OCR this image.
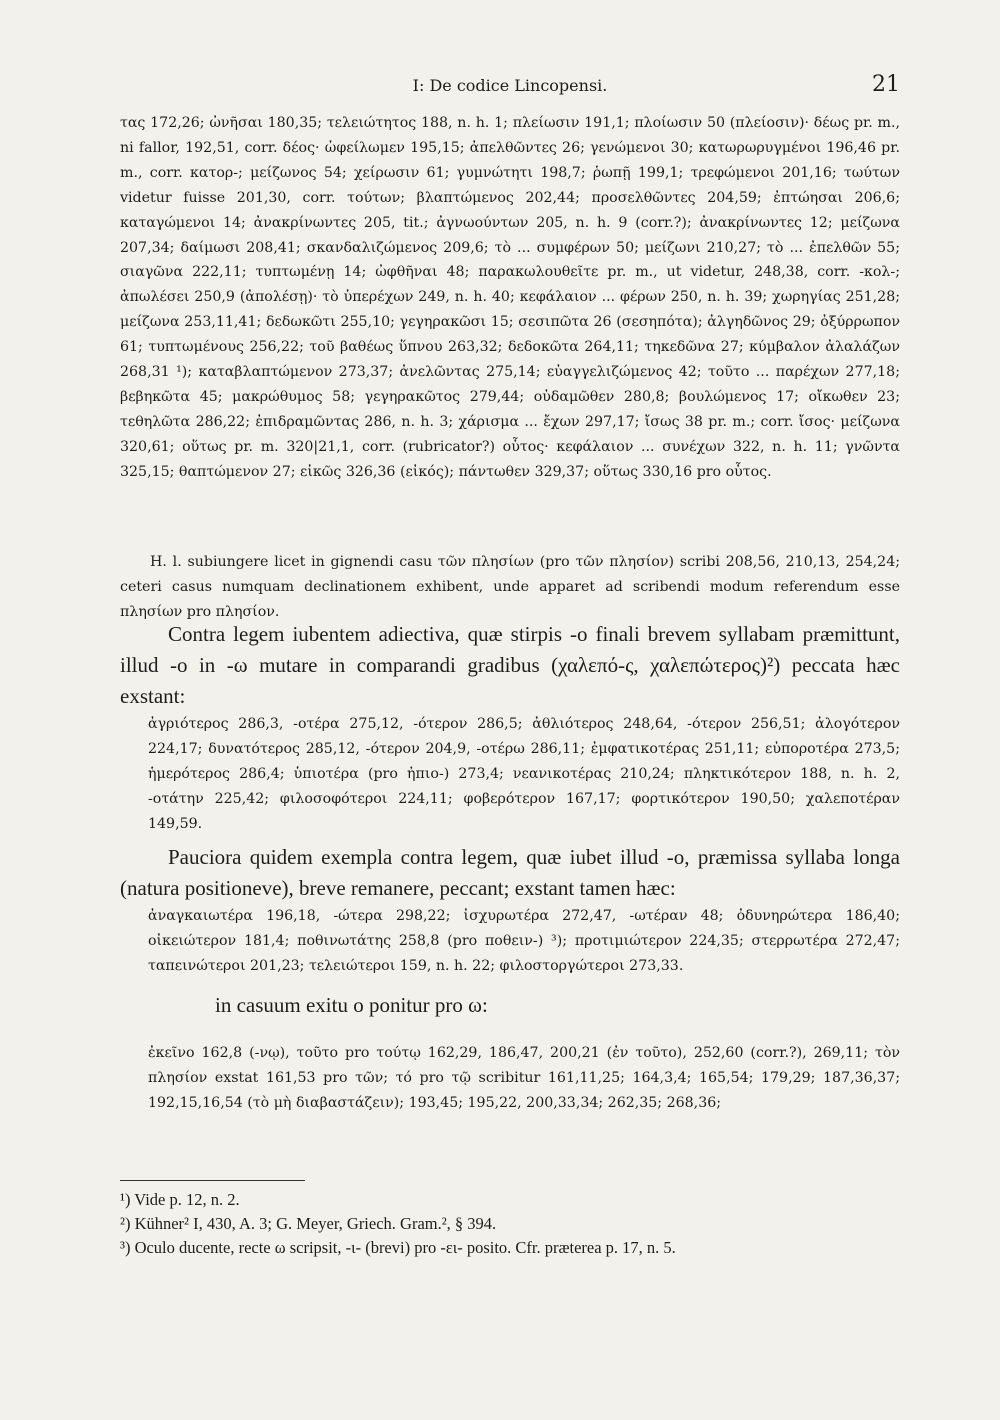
I: De codice Lincopensi.	21

τας 172,26; ὠνῆσαι 180,35; τελειώτητος 188, n. h. 1; πλείωσιν 191,1; πλοίωσιν 50 (πλείοσιν)· δέως pr. m., ni fallor, 192,51, corr. δέος· ὠφείλωμεν 195,15; ἀπελθῶντες 26; γενώμενοι 30; κατωρωρυγμένοι 196,46 pr. m., corr. κατορ-; μείζωνος 54; χείρωσιν 61; γυμνώτητι 198,7; ῥωπῇ 199,1; τρεφώμενοι 201,16; τωύτων videtur fuisse 201,30, corr. τούτων; βλαπτώμενος 202,44; προσελθῶντες 204,59; ἐπτώησαι 206,6; καταγώμενοι 14; ἀνακρίνωντες 205, tit.; ἀγνωούντων 205, n. h. 9 (corr.?); ἀνακρίνωντες 12; μείζωνα 207,34; δαίμωσι 208,41; σκανδαλιζώμενος 209,6; τὸ ... συμφέρων 50; μείζωνι 210,27; τὸ ... ἐπελθῶν 55; σιαγῶνα 222,11; τυπτωμένῃ 14; ὠφθῆναι 48; παρακωλουθεῖτε pr. m., ut videtur, 248,38, corr. -κολ-; ἀπωλέσει 250,9 (ἀπολέσῃ)· τὸ ὑπερέχων 249, n. h. 40; κεφάλαιον ... φέρων 250, n. h. 39; χωρηγίας 251,28; μείζωνα 253,11,41; δεδωκῶτι 255,10; γεγηρακῶσι 15; σεσιπῶτα 26 (σεσηπότα); ἀλγηδῶνος 29; ὀξύρρωπον 61; τυπτωμένους 256,22; τοῦ βαθέως ὕπνου 263,32; δεδοκῶτα 264,11; τηκεδῶνα 27; κύμβαλον ἀλαλάζων 268,31 ¹); καταβλαπτώμενον 273,37; ἀνελῶντας 275,14; εὐαγγελιζώμενος 42; τοῦτο ... παρέχων 277,18; βεβηκῶτα 45; μακρώθυμος 58; γεγηρακῶτος 279,44; οὐδαμῶθεν 280,8; βουλώμενος 17; οἴκωθεν 23; τεθηλῶτα 286,22; ἐπιδραμῶντας 286, n. h. 3; χάρισμα ... ἔχων 297,17; ἴσως 38 pr. m.; corr. ἴσος· μείζωνα 320,61; οὕτως pr. m. 320|21,1, corr. (rubricator?) οὗτος· κεφάλαιον ... συνέχων 322, n. h. 11; γνῶντα 325,15; θαπτώμενον 27; εἰκῶς 326,36 (εἰκός); πάντωθεν 329,37; οὕτως 330,16 pro οὗτος.

H. l. subiungere licet in gignendi casu τῶν πλησίων (pro τῶν πλησίον) scribi 208,56, 210,13, 254,24; ceteri casus numquam declinationem exhibent, unde apparet ad scribendi modum referendum esse πλησίων pro πλησίον.

Contra legem iubentem adiectiva, quæ stirpis -o finali brevem syllabam præmittunt, illud -o in -ω mutare in comparandi gradibus (χαλεπό-ς, χαλεπώτερος)²) peccata hæc exstant:

ἀγριότερος 286,3, -οτέρα 275,12, -ότερον 286,5; ἀθλιότερος 248,64, -ότερον 256,51; ἀλογότερον 224,17; δυνατότερος 285,12, -ότερον 204,9, -οτέρω 286,11; ἐμφατικοτέρας 251,11; εὐποροτέρα 273,5; ἡμερότερος 286,4; ὑπιοτέρα (pro ἠπιο-) 273,4; νεανικοτέρας 210,24; πληκτικότερον 188, n. h. 2, -οτάτην 225,42; φιλοσοφότεροι 224,11; φοβερότερον 167,17; φορτικότερον 190,50; χαλεποτέραν 149,59.

Pauciora quidem exempla contra legem, quæ iubet illud -o, præmissa syllaba longa (natura positioneve), breve remanere, peccant; exstant tamen hæc:

ἀναγκαιωτέρα 196,18, -ώτερα 298,22; ἰσχυρωτέρα 272,47, -ωτέραν 48; ὀδυνηρώτερα 186,40; οἰκειώτερον 181,4; ποθινωτάτης 258,8 (pro ποθειν-) ³); προτιμιώτερον 224,35; στερρωτέρα 272,47; ταπεινώτεροι 201,23; τελειώτεροι 159, n. h. 22; φιλοστοργώτεροι 273,33.

in casuum exitu o ponitur pro ω:

ἐκεῖνο 162,8 (-νῳ), τοῦτο pro τούτῳ 162,29, 186,47, 200,21 (ἐν τοῦτο), 252,60 (corr.?), 269,11; τὸν πλησίον exstat 161,53 pro τῶν; τό pro τῷ scribitur 161,11,25; 164,3,4; 165,54; 179,29; 187,36,37; 192,15,16,54 (τὸ μὴ διαβαστάζειν); 193,45; 195,22, 200,33,34; 262,35; 268,36;

¹) Vide p. 12, n. 2.

²) Kühner² I, 430, A. 3; G. Meyer, Griech. Gram.², § 394.

³) Oculo ducente, recte ω scripsit, -ι- (brevi) pro -ει- posito. Cfr. præterea p. 17, n. 5.
